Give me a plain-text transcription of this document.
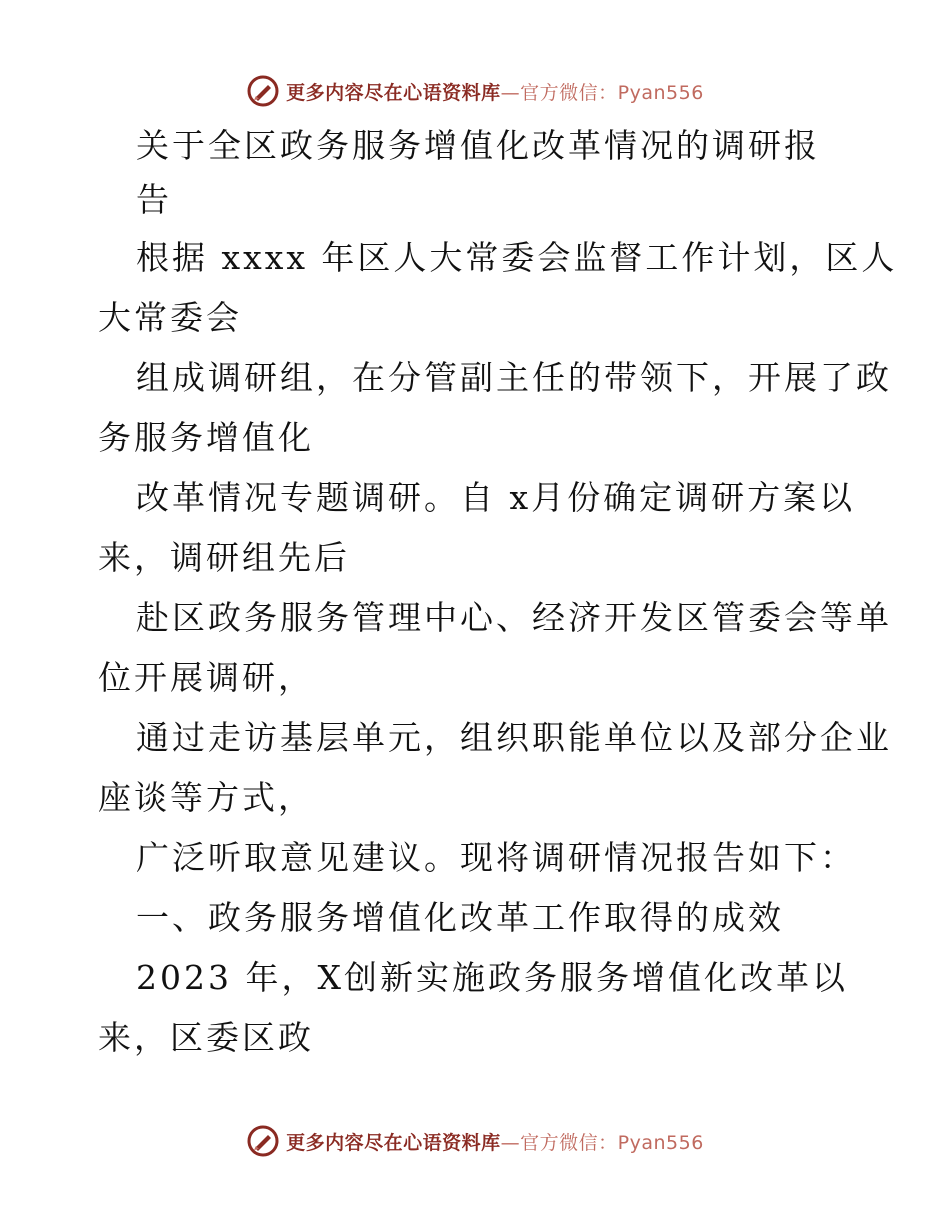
更多内容尽在心语资料库—官方微信：Pyan556
关于全区政务服务增值化改革情况的调研报
告
根据 xxxx 年区人大常委会监督工作计划，区人
大常委会
组成调研组，在分管副主任的带领下，开展了政
务服务增值化
改革情况专题调研。自 x月份确定调研方案以
来，调研组先后
赴区政务服务管理中心、经济开发区管委会等单
位开展调研，
通过走访基层单元，组织职能单位以及部分企业
座谈等方式，
广泛听取意见建议。现将调研情况报告如下：
一、政务服务增值化改革工作取得的成效
2023 年，X创新实施政务服务增值化改革以
来，区委区政
更多内容尽在心语资料库—官方微信：Pyan556
